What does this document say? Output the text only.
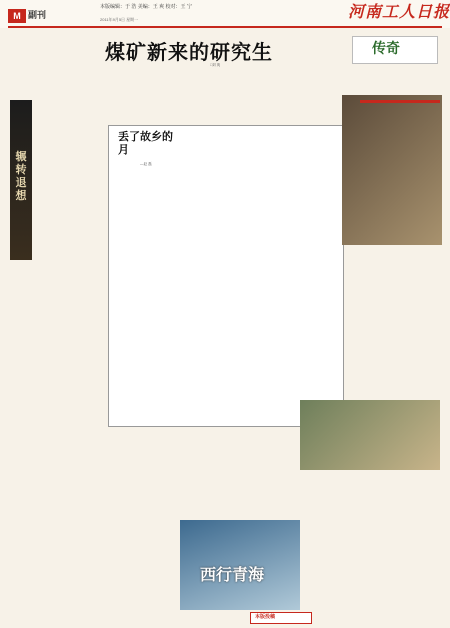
M 副刊
本版编辑：于 浩 美编：王 爽 校对：王 宁
2011年9月5日 星期一	河南工人日报
煤矿新来的研究生
□刘 爽
传奇
辗转退想
丢了故乡的月
—赵 磊
西行青海
本版投稿
